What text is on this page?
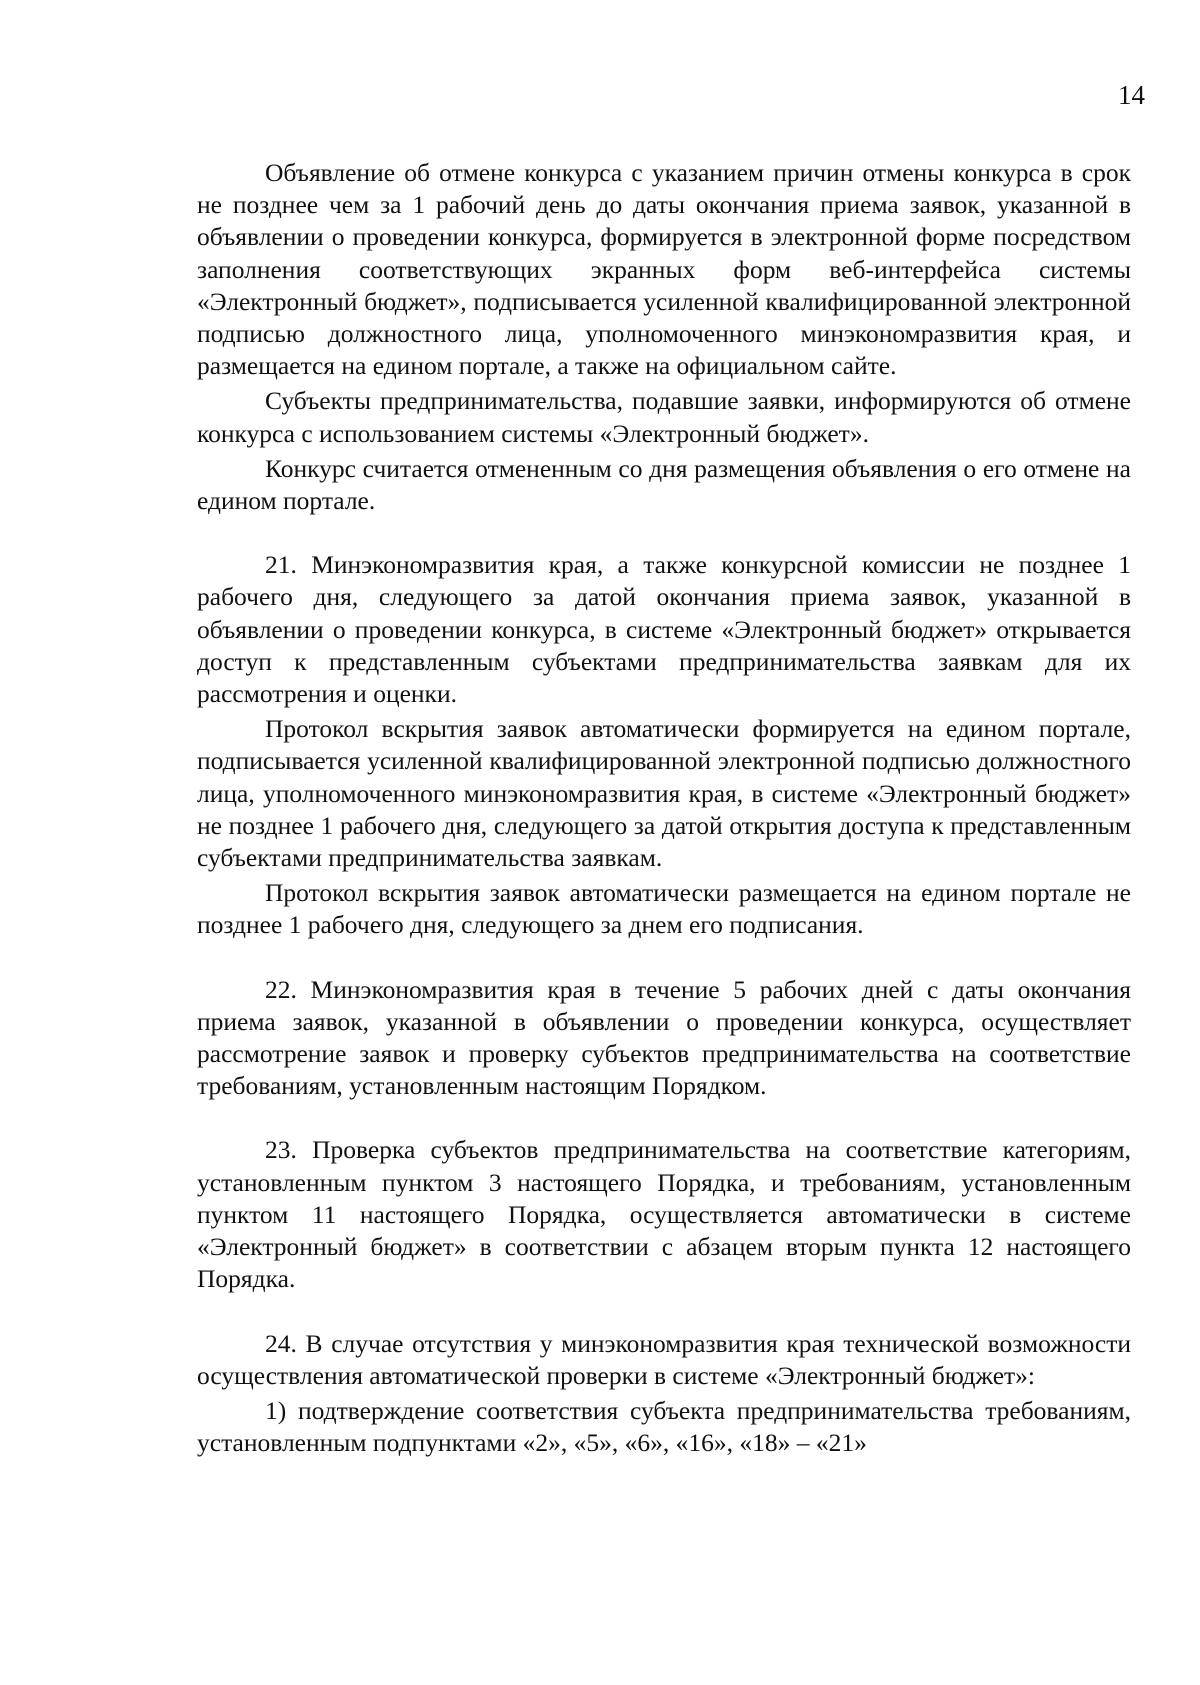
14

Объявление об отмене конкурса с указанием причин отмены конкурса в срок не позднее чем за 1 рабочий день до даты окончания приема заявок, указанной в объявлении о проведении конкурса, формируется в электронной форме посредством заполнения соответствующих экранных форм веб-интерфейса системы «Электронный бюджет», подписывается усиленной квалифицированной электронной подписью должностного лица, уполномоченного минэкономразвития края, и размещается на едином портале, а также на официальном сайте.

Субъекты предпринимательства, подавшие заявки, информируются об отмене конкурса с использованием системы «Электронный бюджет».

Конкурс считается отмененным со дня размещения объявления о его отмене на едином портале.

21. Минэкономразвития края, а также конкурсной комиссии не позднее 1 рабочего дня, следующего за датой окончания приема заявок, указанной в объявлении о проведении конкурса, в системе «Электронный бюджет» открывается доступ к представленным субъектами предпринимательства заявкам для их рассмотрения и оценки.

Протокол вскрытия заявок автоматически формируется на едином портале, подписывается усиленной квалифицированной электронной подписью должностного лица, уполномоченного минэкономразвития края, в системе «Электронный бюджет» не позднее 1 рабочего дня, следующего за датой открытия доступа к представленным субъектами предпринимательства заявкам.

Протокол вскрытия заявок автоматически размещается на едином портале не позднее 1 рабочего дня, следующего за днем его подписания.

22. Минэкономразвития края в течение 5 рабочих дней с даты окончания приема заявок, указанной в объявлении о проведении конкурса, осуществляет рассмотрение заявок и проверку субъектов предпринимательства на соответствие требованиям, установленным настоящим Порядком.

23. Проверка субъектов предпринимательства на соответствие категориям, установленным пунктом 3 настоящего Порядка, и требованиям, установленным пунктом 11 настоящего Порядка, осуществляется автоматически в системе «Электронный бюджет» в соответствии с абзацем вторым пункта 12 настоящего Порядка.

24. В случае отсутствия у минэкономразвития края технической возможности осуществления автоматической проверки в системе «Электронный бюджет»:

1) подтверждение соответствия субъекта предпринимательства требованиям, установленным подпунктами «2», «5», «6», «16», «18» – «21»
